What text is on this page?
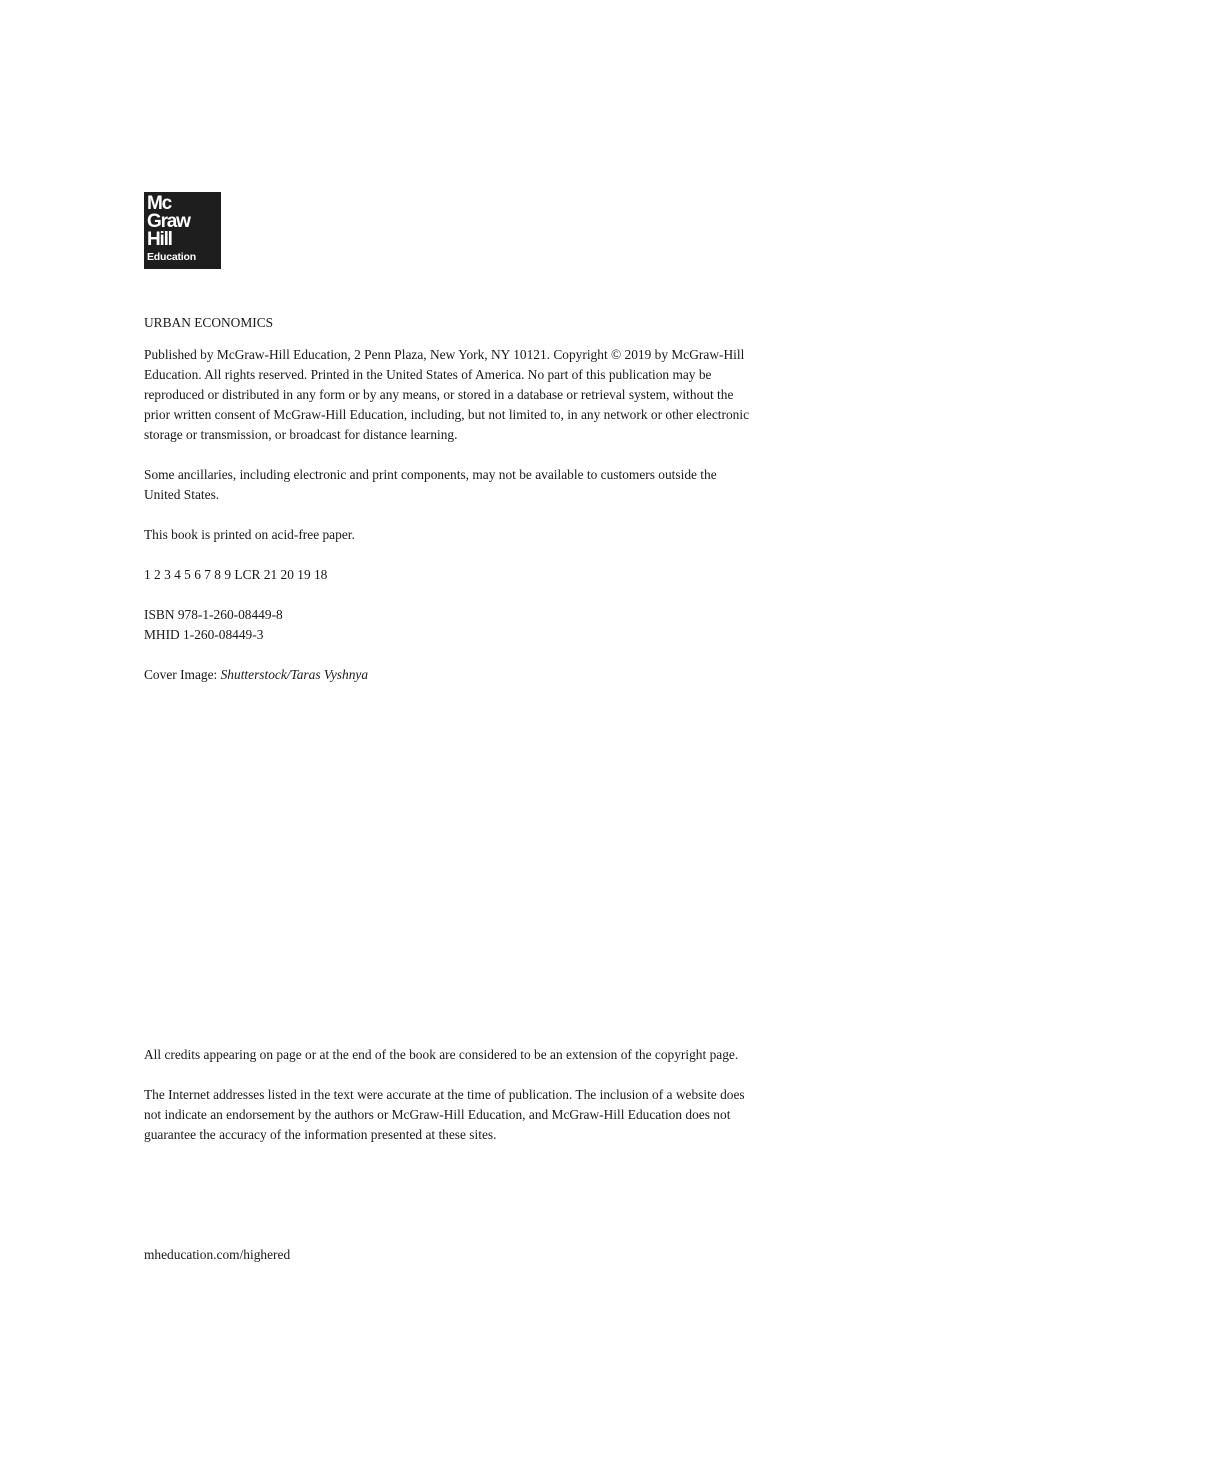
Mc
Graw
Hill
Education

URBAN ECONOMICS

Published by McGraw-Hill Education, 2 Penn Plaza, New York, NY 10121. Copyright © 2019 by McGraw-Hill
Education. All rights reserved. Printed in the United States of America. No part of this publication may be
reproduced or distributed in any form or by any means, or stored in a database or retrieval system, without the
prior written consent of McGraw-Hill Education, including, but not limited to, in any network or other electronic
storage or transmission, or broadcast for distance learning.

Some ancillaries, including electronic and print components, may not be available to customers outside the
United States.

This book is printed on acid-free paper.

1 2 3 4 5 6 7 8 9 LCR 21 20 19 18

ISBN 978-1-260-08449-8
MHID 1-260-08449-3

Cover Image: Shutterstock/Taras Vyshnya

All credits appearing on page or at the end of the book are considered to be an extension of the copyright page.

The Internet addresses listed in the text were accurate at the time of publication. The inclusion of a website does
not indicate an endorsement by the authors or McGraw-Hill Education, and McGraw-Hill Education does not
guarantee the accuracy of the information presented at these sites.

mheducation.com/highered
